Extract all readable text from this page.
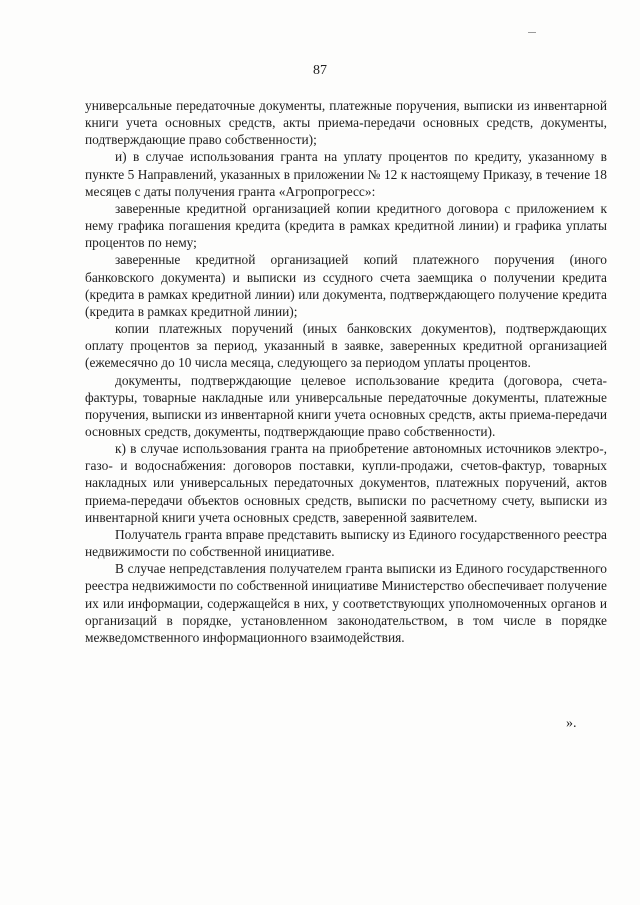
87

универсальные передаточные документы, платежные поручения, выписки из инвентарной книги учета основных средств, акты приема-передачи основных средств, документы, подтверждающие право собственности);

и) в случае использования гранта на уплату процентов по кредиту, указанному в пункте 5 Направлений, указанных в приложении № 12 к настоящему Приказу, в течение 18 месяцев с даты получения гранта «Агропрогресс»:

заверенные кредитной организацией копии кредитного договора с приложением к нему графика погашения кредита (кредита в рамках кредитной линии) и графика уплаты процентов по нему;

заверенные кредитной организацией копий платежного поручения (иного банковского документа) и выписки из ссудного счета заемщика о получении кредита (кредита в рамках кредитной линии) или документа, подтверждающего получение кредита (кредита в рамках кредитной линии);

копии платежных поручений (иных банковских документов), подтверждающих оплату процентов за период, указанный в заявке, заверенных кредитной организацией (ежемесячно до 10 числа месяца, следующего за периодом уплаты процентов.

документы, подтверждающие целевое использование кредита (договора, счета-фактуры, товарные накладные или универсальные передаточные документы, платежные поручения, выписки из инвентарной книги учета основных средств, акты приема-передачи основных средств, документы, подтверждающие право собственности).

к) в случае использования гранта на приобретение автономных источников электро-, газо- и водоснабжения: договоров поставки, купли-продажи, счетов-фактур, товарных накладных или универсальных передаточных документов, платежных поручений, актов приема-передачи объектов основных средств, выписки по расчетному счету, выписки из инвентарной книги учета основных средств, заверенной заявителем.

Получатель гранта вправе представить выписку из Единого государственного реестра недвижимости по собственной инициативе.

В случае непредставления получателем гранта выписки из Единого государственного реестра недвижимости по собственной инициативе Министерство обеспечивает получение их или информации, содержащейся в них, у соответствующих уполномоченных органов и организаций в порядке, установленном законодательством, в том числе в порядке межведомственного информационного взаимодействия.

».
